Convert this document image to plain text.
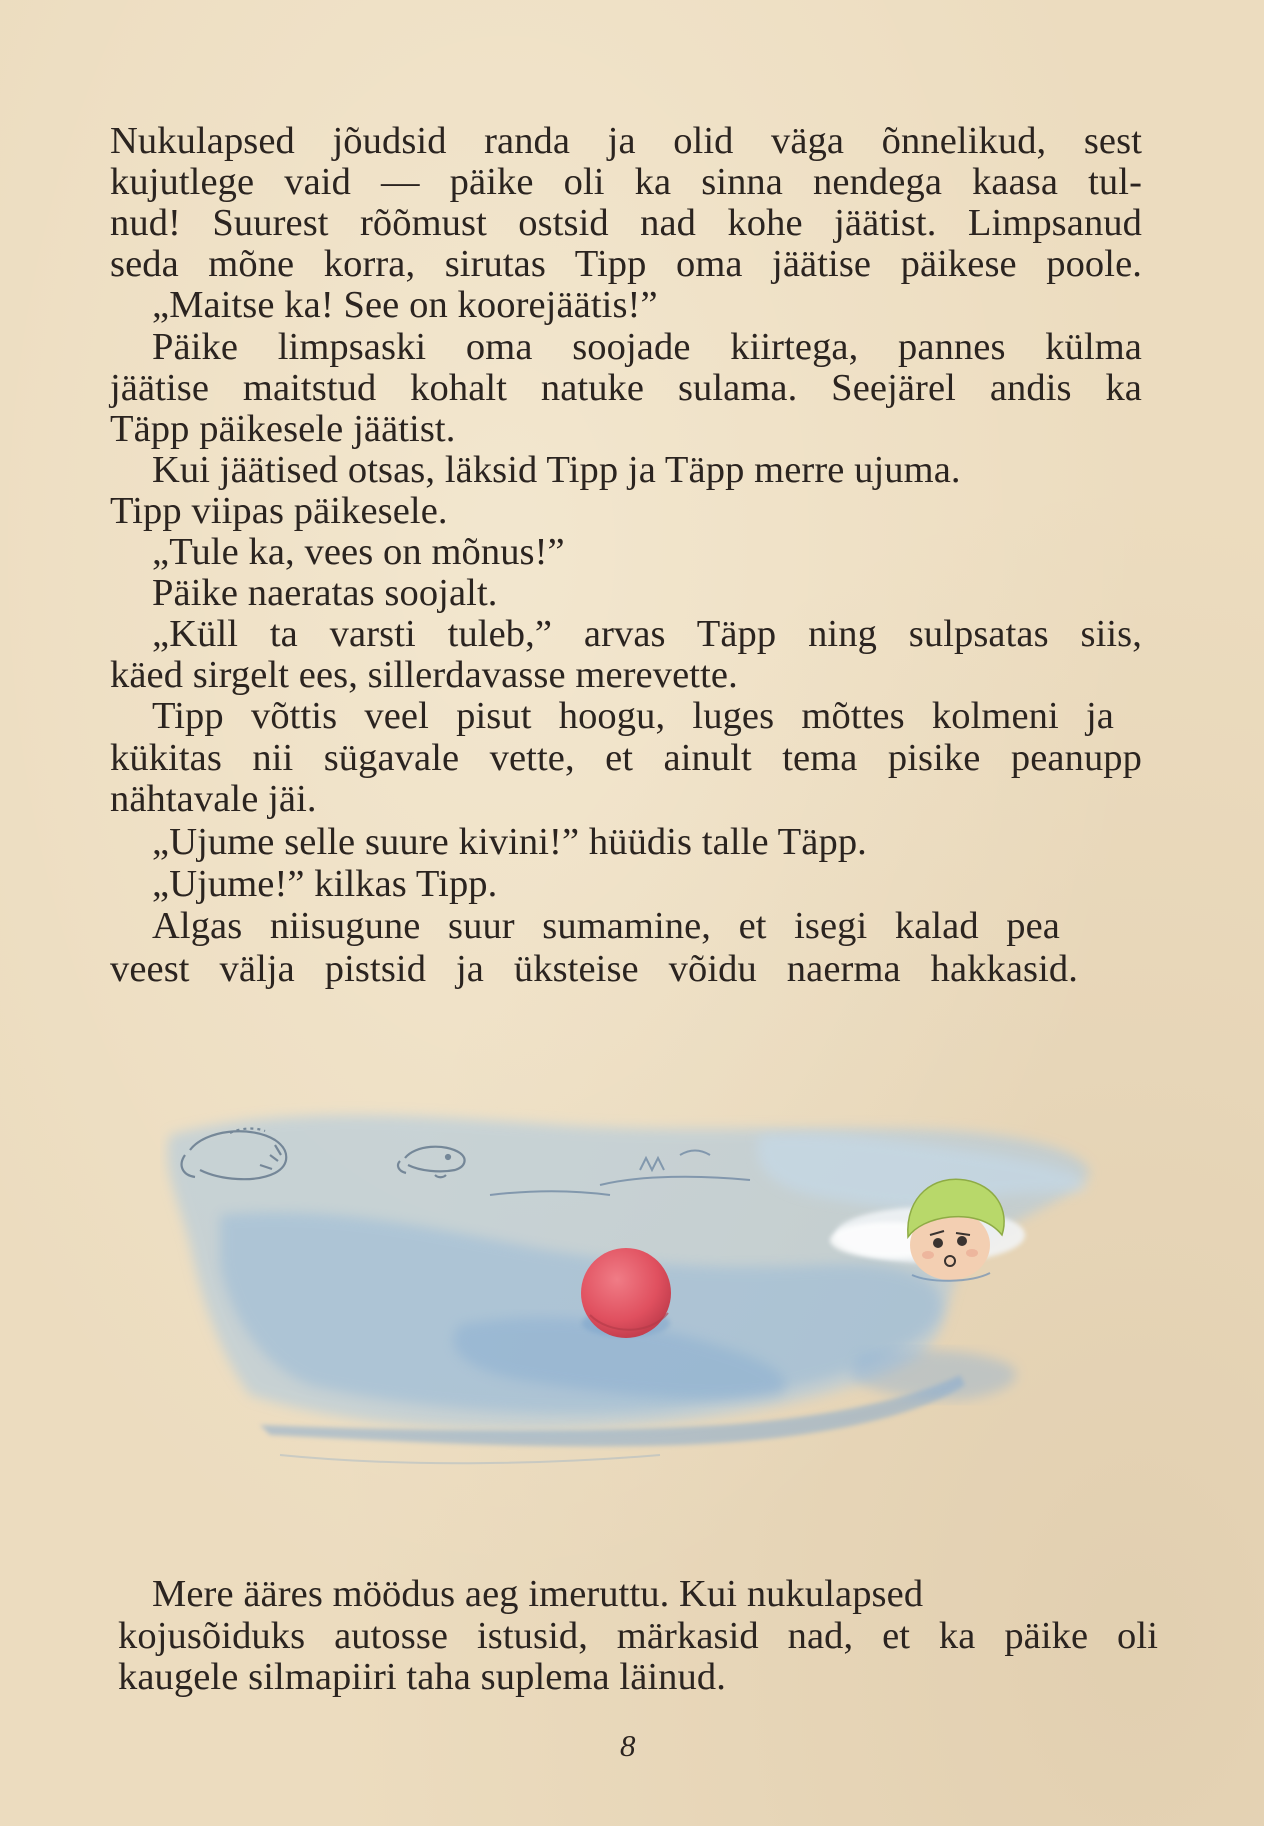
Nukulapsed jõudsid randa ja olid väga õnnelikud, sest
kujutlege vaid — päike oli ka sinna nendega kaasa tul-
nud! Suurest rõõmust ostsid nad kohe jäätist. Limpsanud
seda mõne korra, sirutas Tipp oma jäätise päikese poole.
„Maitse ka! See on koorejäätis!”
Päike limpsaski oma soojade kiirtega, pannes külma
jäätise maitstud kohalt natuke sulama. Seejärel andis ka
Täpp päikesele jäätist.
Kui jäätised otsas, läksid Tipp ja Täpp merre ujuma.
Tipp viipas päikesele.
„Tule ka, vees on mõnus!”
Päike naeratas soojalt.
„Küll ta varsti tuleb,” arvas Täpp ning sulpsatas siis,
käed sirgelt ees, sillerdavasse merevette.
Tipp võttis veel pisut hoogu, luges mõttes kolmeni ja
kükitas nii sügavale vette, et ainult tema pisike peanupp
nähtavale jäi.
„Ujume selle suure kivini!” hüüdis talle Täpp.
„Ujume!” kilkas Tipp.
Algas niisugune suur sumamine, et isegi kalad pea
veest välja pistsid ja üksteise võidu naerma hakkasid.
Mere ääres möödus aeg imeruttu. Kui nukulapsed
kojusõiduks autosse istusid, märkasid nad, et ka päike oli
kaugele silmapiiri taha suplema läinud.
8
